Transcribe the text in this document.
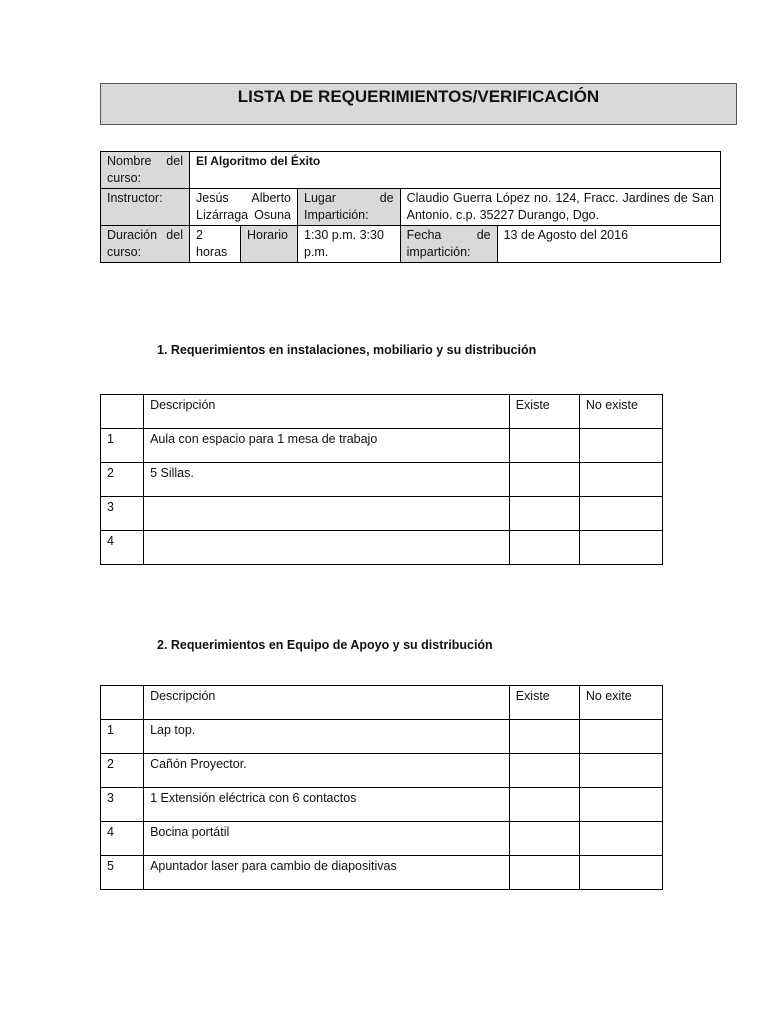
LISTA DE REQUERIMIENTOS/VERIFICACIÓN
Nombre del curso:	El Algoritmo del Éxito				
Instructor:	Jesús Alberto Lizárraga Osuna		Lugar de Impartición:	Claudio Guerra López no. 124, Fracc. Jardines de San Antonio. c.p. 35227 Durango, Dgo.	

Duración del curso:	2 horas	Horario	1:30 p.m. 3:30 p.m.	Fecha de impartición:	13 de Agosto del 2016
1. Requerimientos en instalaciones, mobiliario y su distribución
	Descripción	Existe	No existe
1	Aula con espacio para 1 mesa de trabajo		
2	5 Sillas.		
3			
4			
2. Requerimientos en Equipo de Apoyo y su distribución
	Descripción	Existe	No exite
1	Lap top.		
2	Cañón Proyector.		
3	1 Extensión eléctrica con 6 contactos		
4	Bocina portátil		
5	Apuntador laser para cambio de diapositivas		
